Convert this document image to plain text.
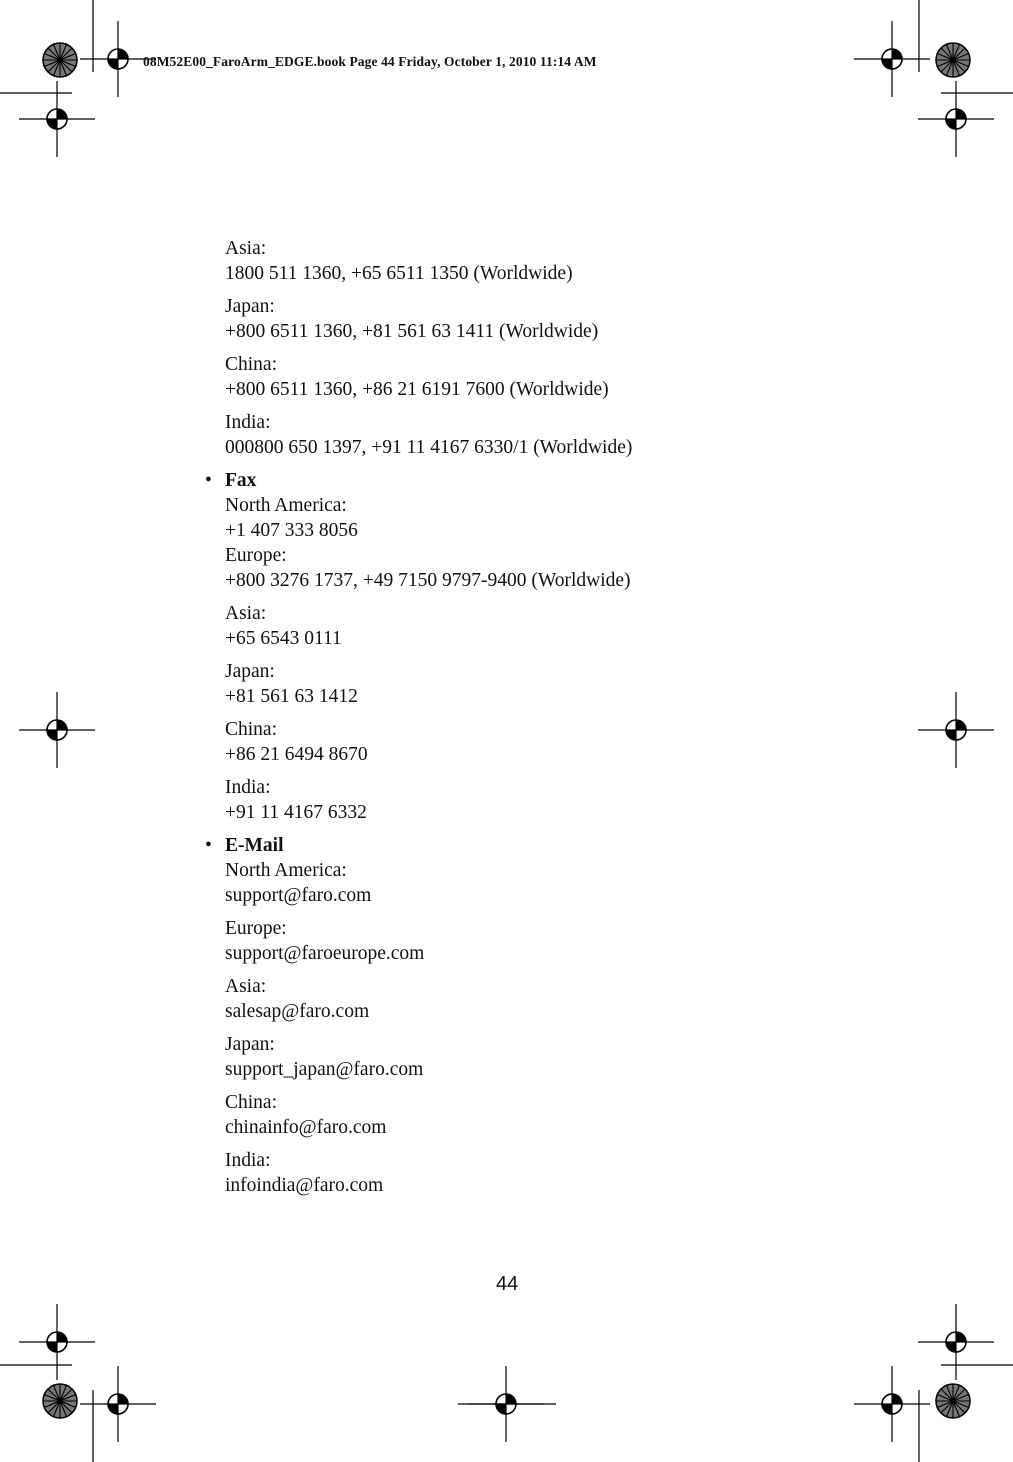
08M52E00_FaroArm_EDGE.book Page 44 Friday, October 1, 2010 11:14 AM
Asia:
1800 511 1360, +65 6511 1350 (Worldwide)
Japan:
+800 6511 1360, +81 561 63 1411 (Worldwide)
China:
+800 6511 1360, +86 21 6191 7600 (Worldwide)
India:
000800 650 1397, +91 11 4167 6330/1 (Worldwide)
• Fax
North America:
+1 407 333 8056
Europe:
+800 3276 1737, +49 7150 9797-9400 (Worldwide)
Asia:
+65 6543 0111
Japan:
+81 561 63 1412
China:
+86 21 6494 8670
India:
+91 11 4167 6332
• E-Mail
North America:
support@faro.com
Europe:
support@faroeurope.com
Asia:
salesap@faro.com
Japan:
support_japan@faro.com
China:
chinainfo@faro.com
India:
infoindia@faro.com
44
